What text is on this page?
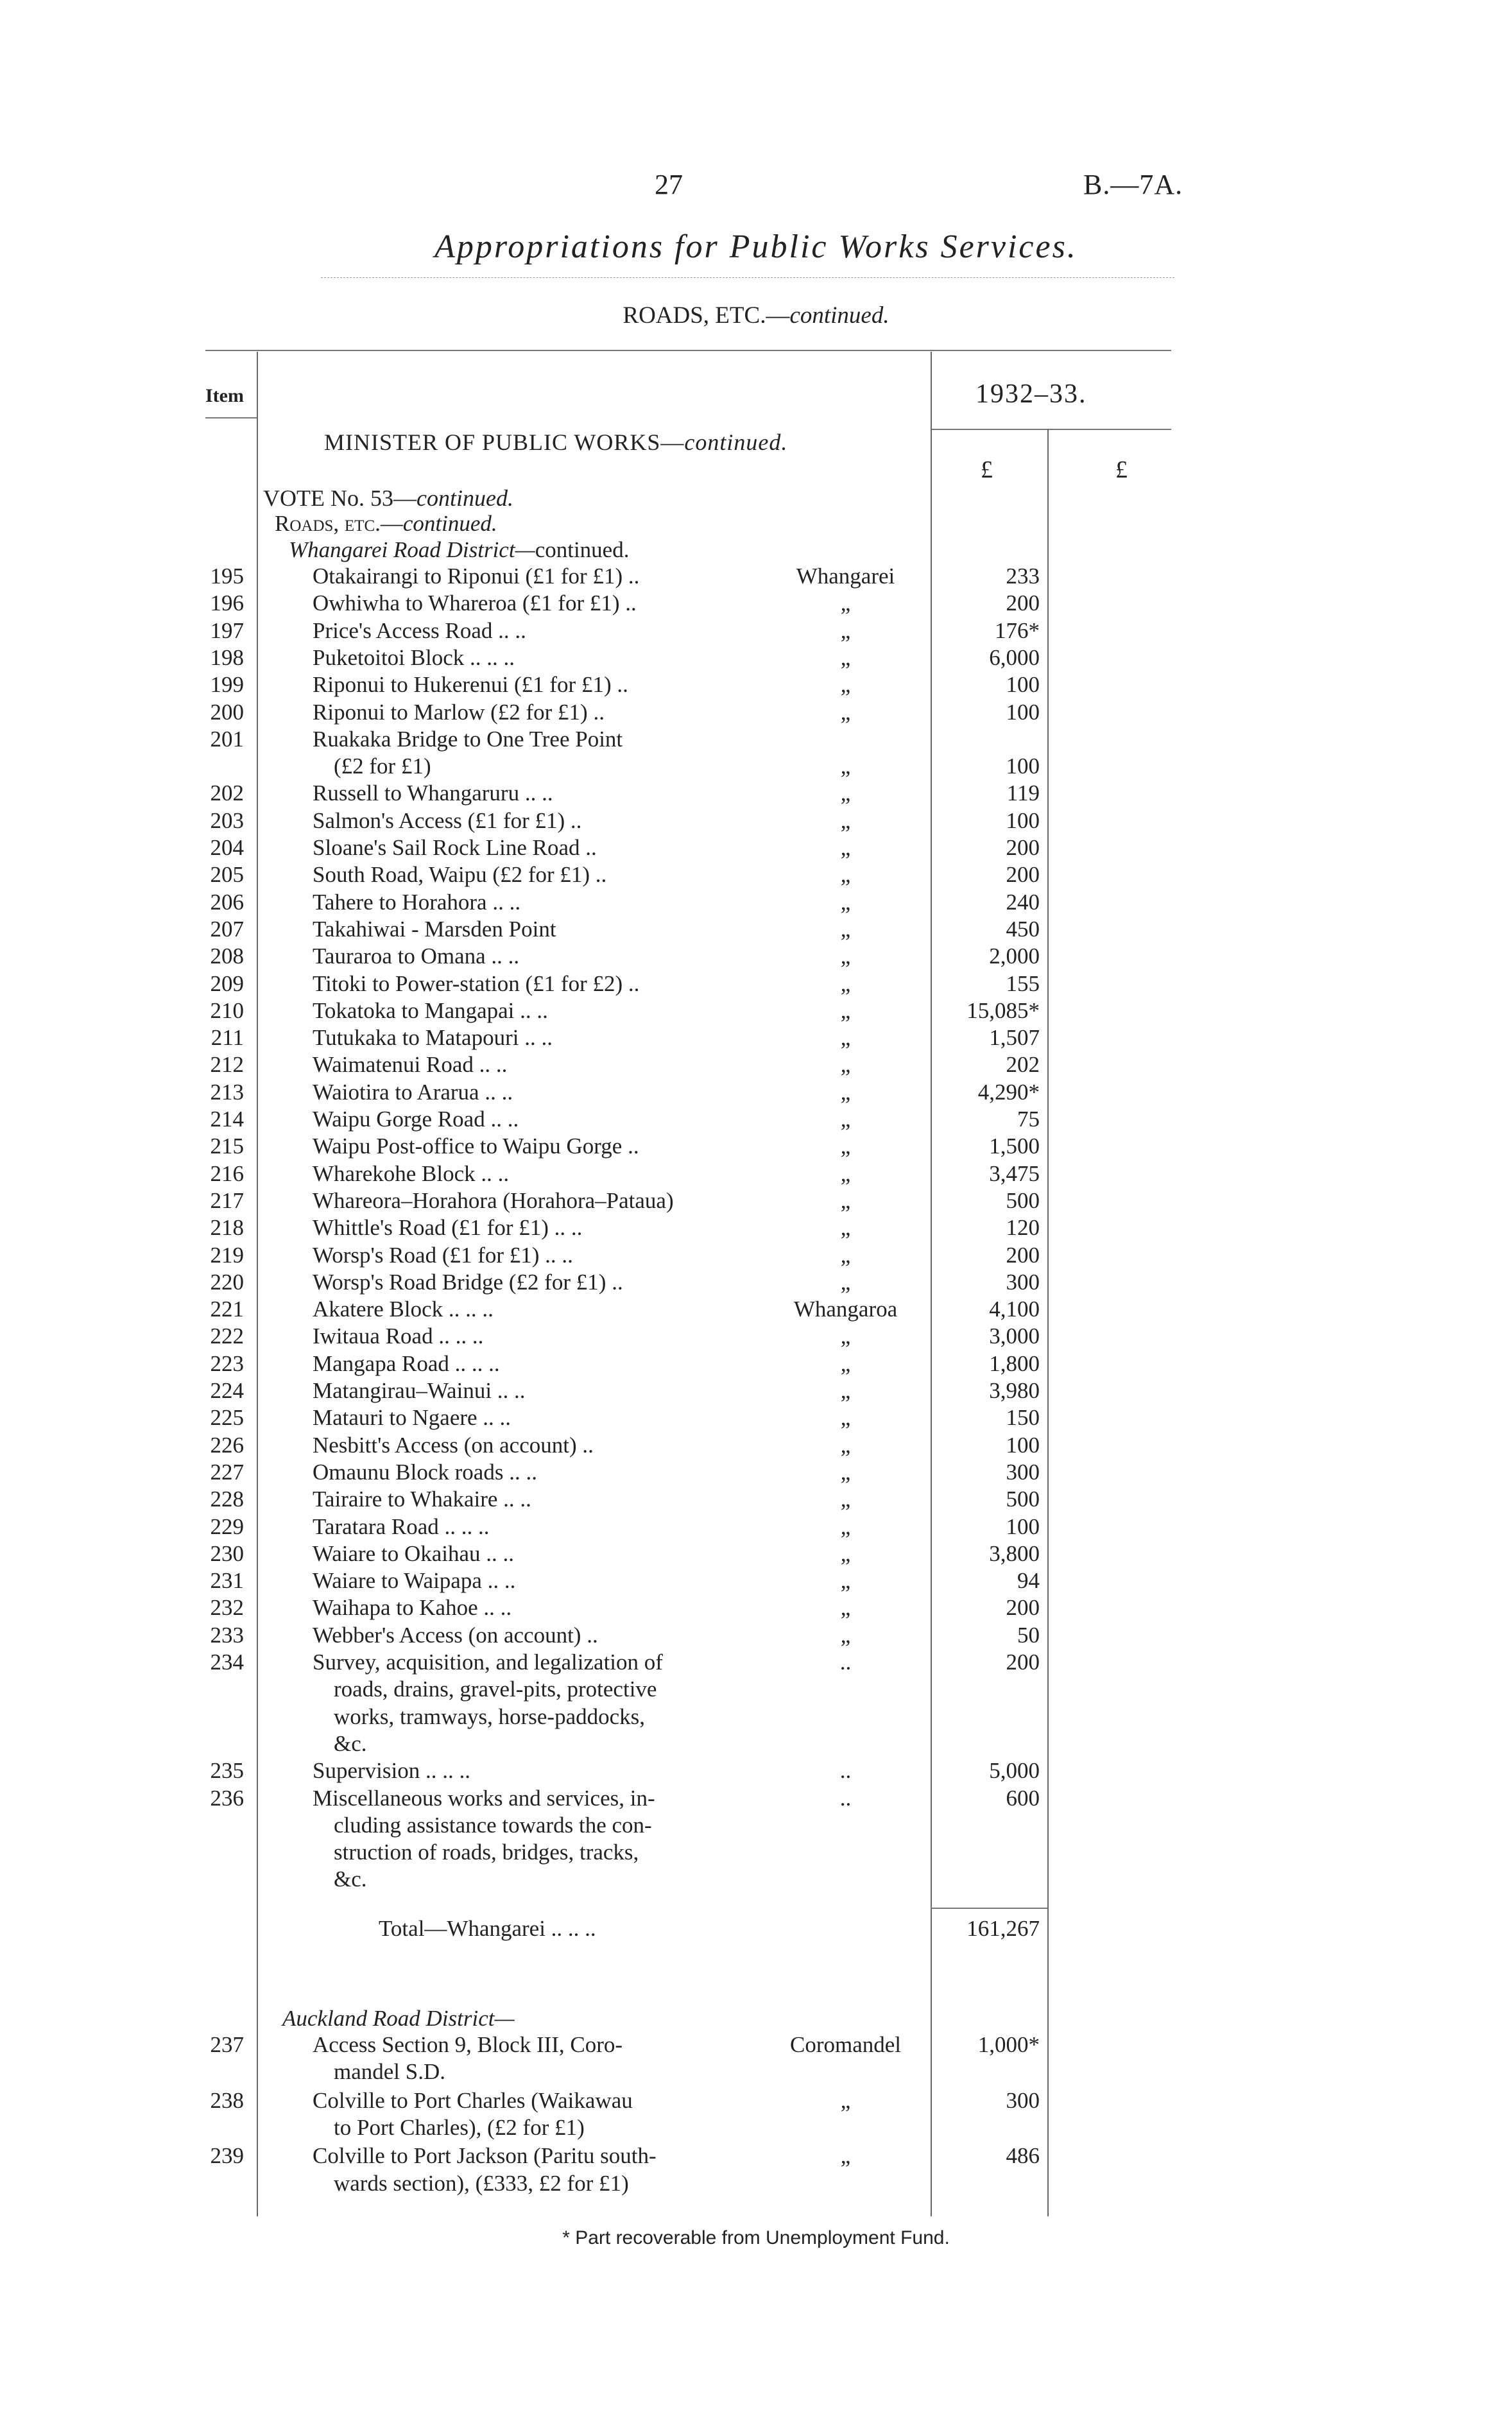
27	B.—7A.
Appropriations for Public Works Services.
ROADS, ETC.—continued.
Item	1932–33.
£	£
MINISTER OF PUBLIC WORKS—continued.
VOTE No. 53—continued.
Roads, etc.—continued.
Whangarei Road District—continued.
195	Otakairangi to Riponui (£1 for £1) ..	Whangarei	233
196	Owhiwha to Whareroa (£1 for £1) ..	„	200
197	Price's Access Road .. ..	„	176*
198	Puketoitoi Block .. .. ..	„	6,000
199	Riponui to Hukerenui (£1 for £1) ..	„	100
200	Riponui to Marlow (£2 for £1) ..	„	100
201	Ruakaka Bridge to One Tree Point
(£2 for £1)	„	100
202	Russell to Whangaruru .. ..	„	119
203	Salmon's Access (£1 for £1) ..	„	100
204	Sloane's Sail Rock Line Road ..	„	200
205	South Road, Waipu (£2 for £1) ..	„	200
206	Tahere to Horahora .. ..	„	240
207	Takahiwai - Marsden Point	„	450
208	Tauraroa to Omana .. ..	„	2,000
209	Titoki to Power-station (£1 for £2) ..	„	155
210	Tokatoka to Mangapai .. ..	„	15,085*
211	Tutukaka to Matapouri .. ..	„	1,507
212	Waimatenui Road .. ..	„	202
213	Waiotira to Ararua .. ..	„	4,290*
214	Waipu Gorge Road .. ..	„	75
215	Waipu Post-office to Waipu Gorge ..	„	1,500
216	Wharekohe Block .. ..	„	3,475
217	Whareora–Horahora (Horahora–Pataua)	„	500
218	Whittle's Road (£1 for £1) .. ..	„	120
219	Worsp's Road (£1 for £1) .. ..	„	200
220	Worsp's Road Bridge (£2 for £1) ..	„	300
221	Akatere Block .. .. ..	Whangaroa	4,100
222	Iwitaua Road .. .. ..	„	3,000
223	Mangapa Road .. .. ..	„	1,800
224	Matangirau–Wainui .. ..	„	3,980
225	Matauri to Ngaere .. ..	„	150
226	Nesbitt's Access (on account) ..	„	100
227	Omaunu Block roads .. ..	„	300
228	Tairaire to Whakaire .. ..	„	500
229	Taratara Road .. .. ..	„	100
230	Waiare to Okaihau .. ..	„	3,800
231	Waiare to Waipapa .. ..	„	94
232	Waihapa to Kahoe .. ..	„	200
233	Webber's Access (on account) ..	„	50
234	Survey, acquisition, and legalization of
roads, drains, gravel-pits, protective
works, tramways, horse-paddocks,
&c.
..	200
235	Supervision .. .. ..	..	5,000
236	Miscellaneous works and services, in-
cluding assistance towards the con-
struction of roads, bridges, tracks,
&c.
..	600
Total—Whangarei .. .. ..	161,267
Auckland Road District—
237	Access Section 9, Block III, Coro-
mandel S.D.
Coromandel	1,000*
238	Colville to Port Charles (Waikawau
to Port Charles), (£2 for £1)
„	300
239	Colville to Port Jackson (Paritu south-
wards section), (£333, £2 for £1)
„	486
* Part recoverable from Unemployment Fund.
